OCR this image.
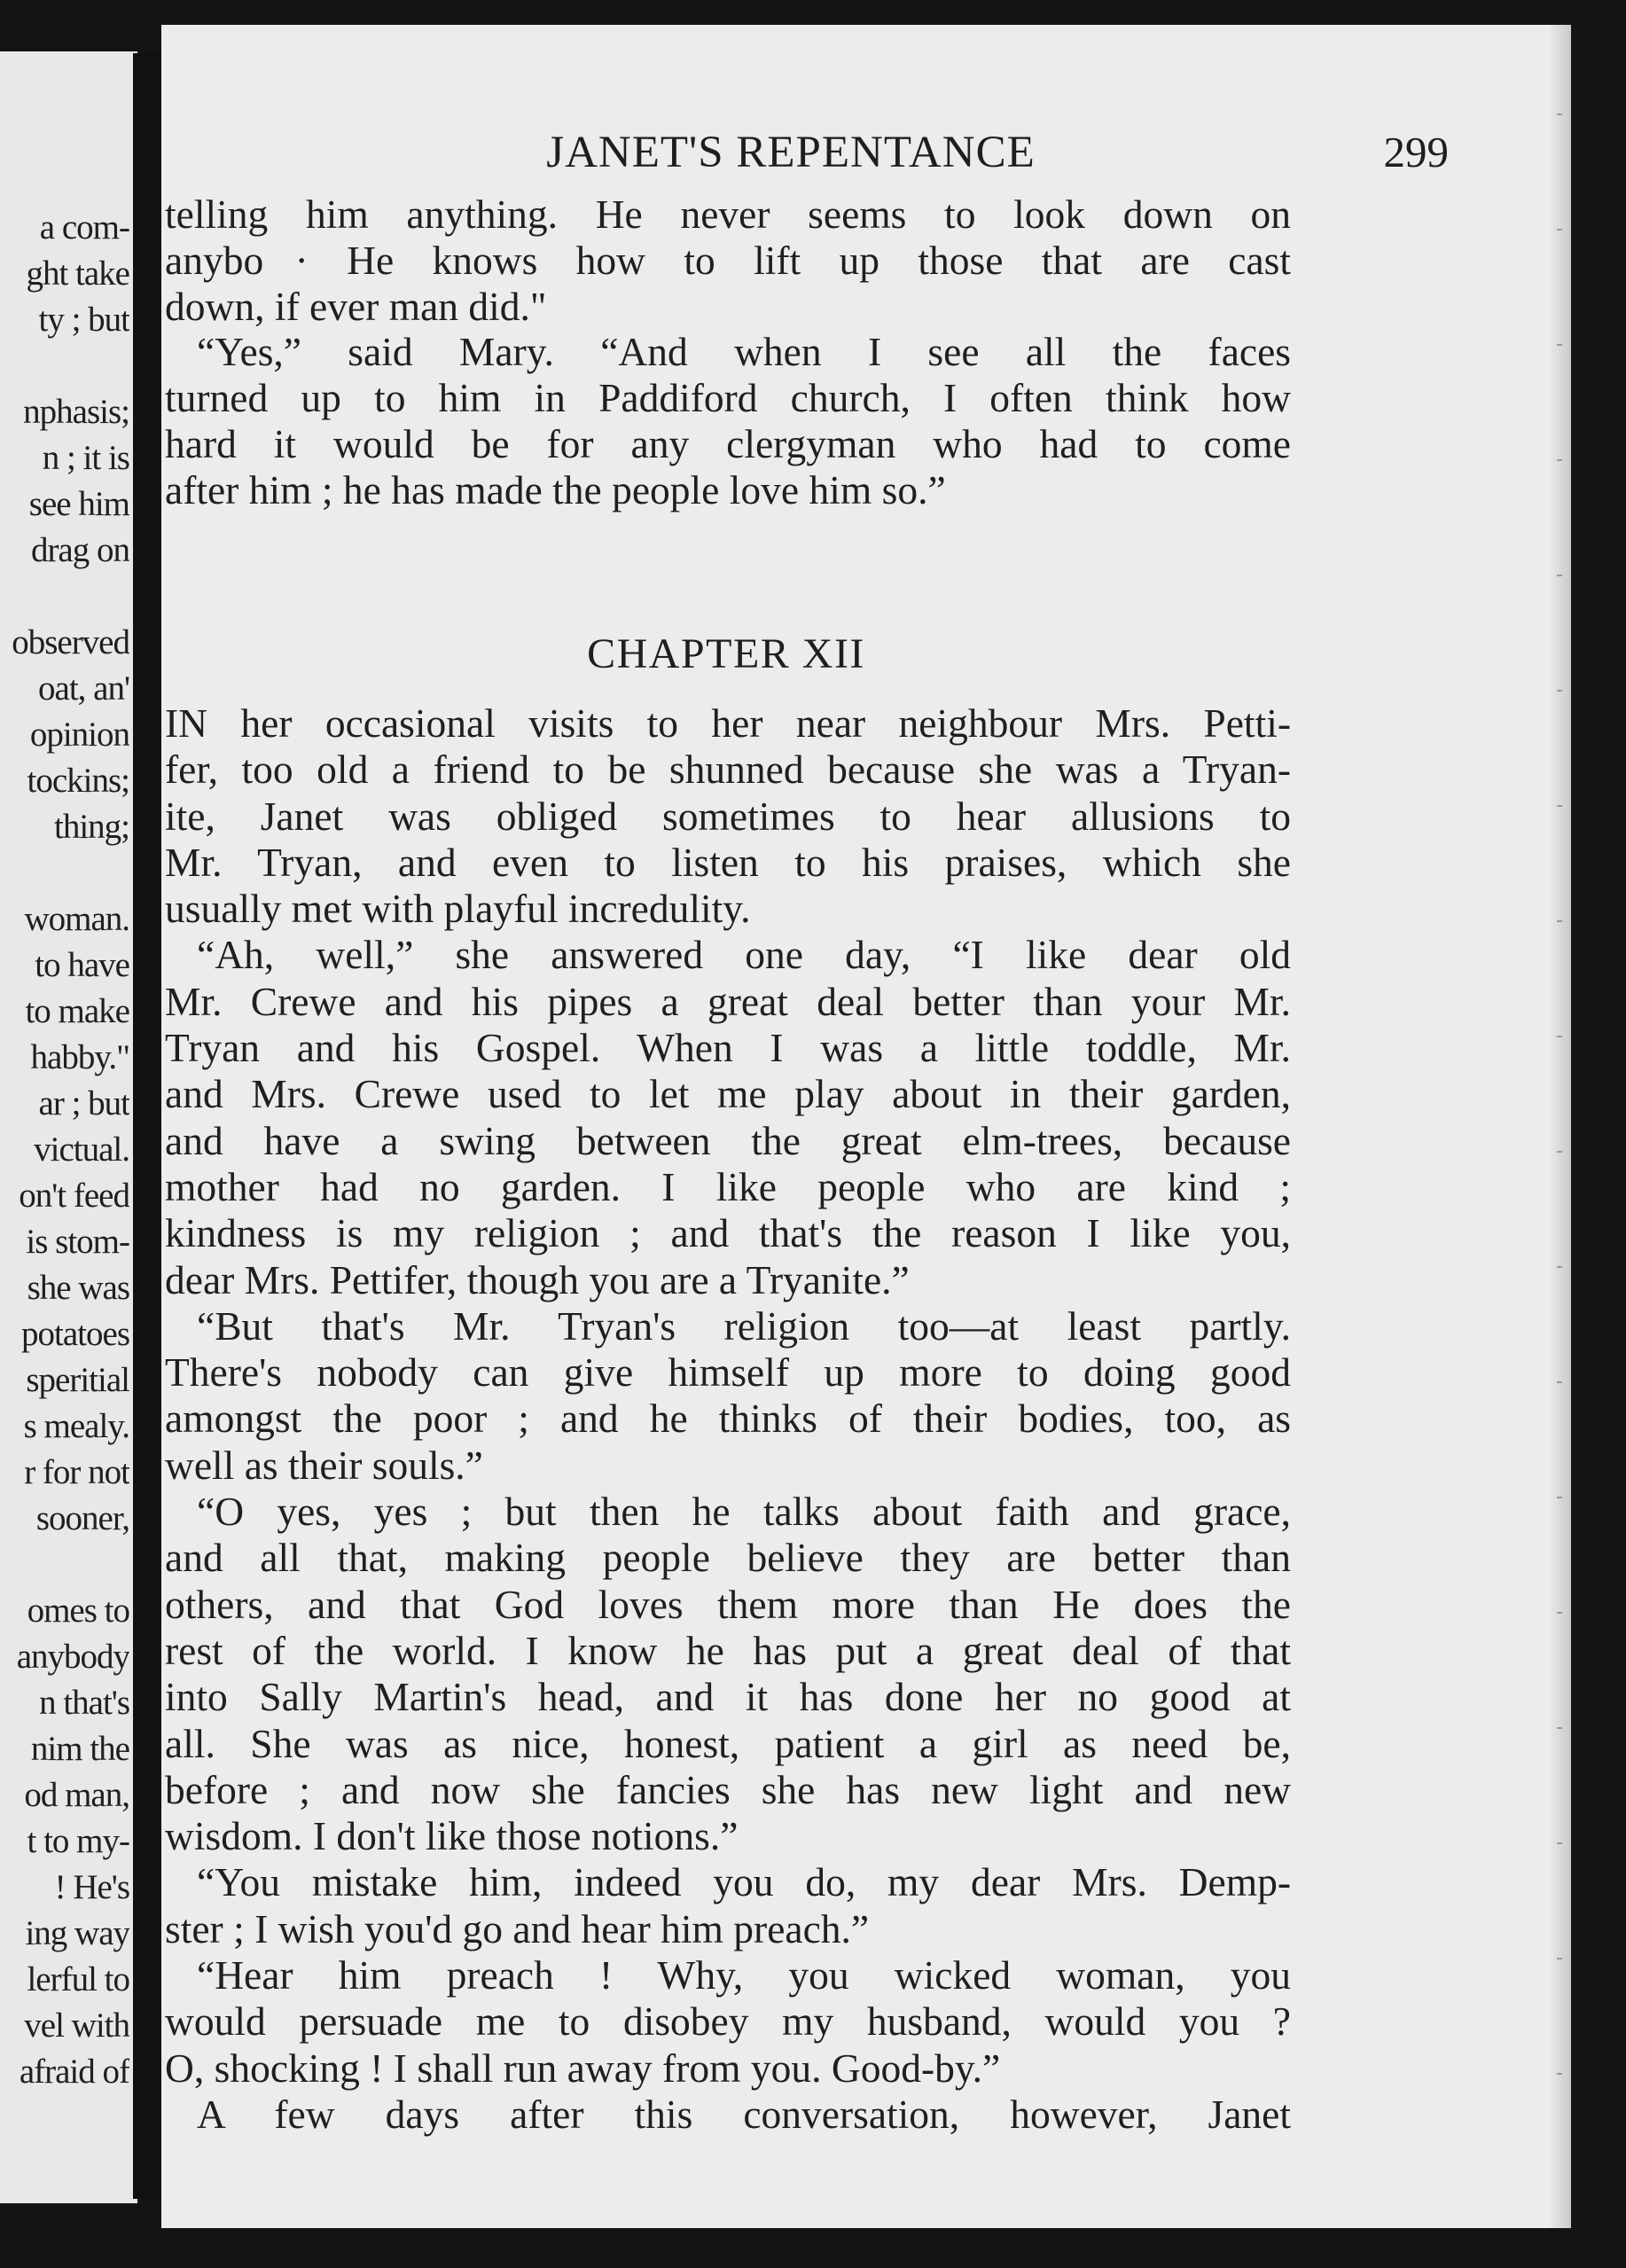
a com-
ght take
ty ; but
nphasis;
n ; it is
see him
drag on
observed
oat, an'
opinion
tockins;
thing;
woman.
to have
to make
habby."
ar ; but
victual.
on't feed
is stom-
she was
potatoes
speritial
s mealy.
r for not
sooner,
omes to
anybody
n that's
nim the
od man,
t to my-
! He's
ing way
lerful to
vel with
afraid of
JANET'S REPENTANCE	299
telling him anything. He never seems to look down on
anybo · He knows how to lift up those that are cast
down, if ever man did."
“Yes,” said Mary. “And when I see all the faces
turned up to him in Paddiford church, I often think how
hard it would be for any clergyman who had to come
after him ; he has made the people love him so.”
CHAPTER XII
IN her occasional visits to her near neighbour Mrs. Petti-
fer, too old a friend to be shunned because she was a Tryan-
ite, Janet was obliged sometimes to hear allusions to
Mr. Tryan, and even to listen to his praises, which she
usually met with playful incredulity.
“Ah, well,” she answered one day, “I like dear old
Mr. Crewe and his pipes a great deal better than your Mr.
Tryan and his Gospel. When I was a little toddle, Mr.
and Mrs. Crewe used to let me play about in their garden,
and have a swing between the great elm-trees, because
mother had no garden. I like people who are kind ;
kindness is my religion ; and that's the reason I like you,
dear Mrs. Pettifer, though you are a Tryanite.”
“But that's Mr. Tryan's religion too—at least partly.
There's nobody can give himself up more to doing good
amongst the poor ; and he thinks of their bodies, too, as
well as their souls.”
“O yes, yes ; but then he talks about faith and grace,
and all that, making people believe they are better than
others, and that God loves them more than He does the
rest of the world. I know he has put a great deal of that
into Sally Martin's head, and it has done her no good at
all. She was as nice, honest, patient a girl as need be,
before ; and now she fancies she has new light and new
wisdom. I don't like those notions.”
“You mistake him, indeed you do, my dear Mrs. Demp-
ster ; I wish you'd go and hear him preach.”
“Hear him preach ! Why, you wicked woman, you
would persuade me to disobey my husband, would you ?
O, shocking ! I shall run away from you. Good-by.”
A few days after this conversation, however, Janet
